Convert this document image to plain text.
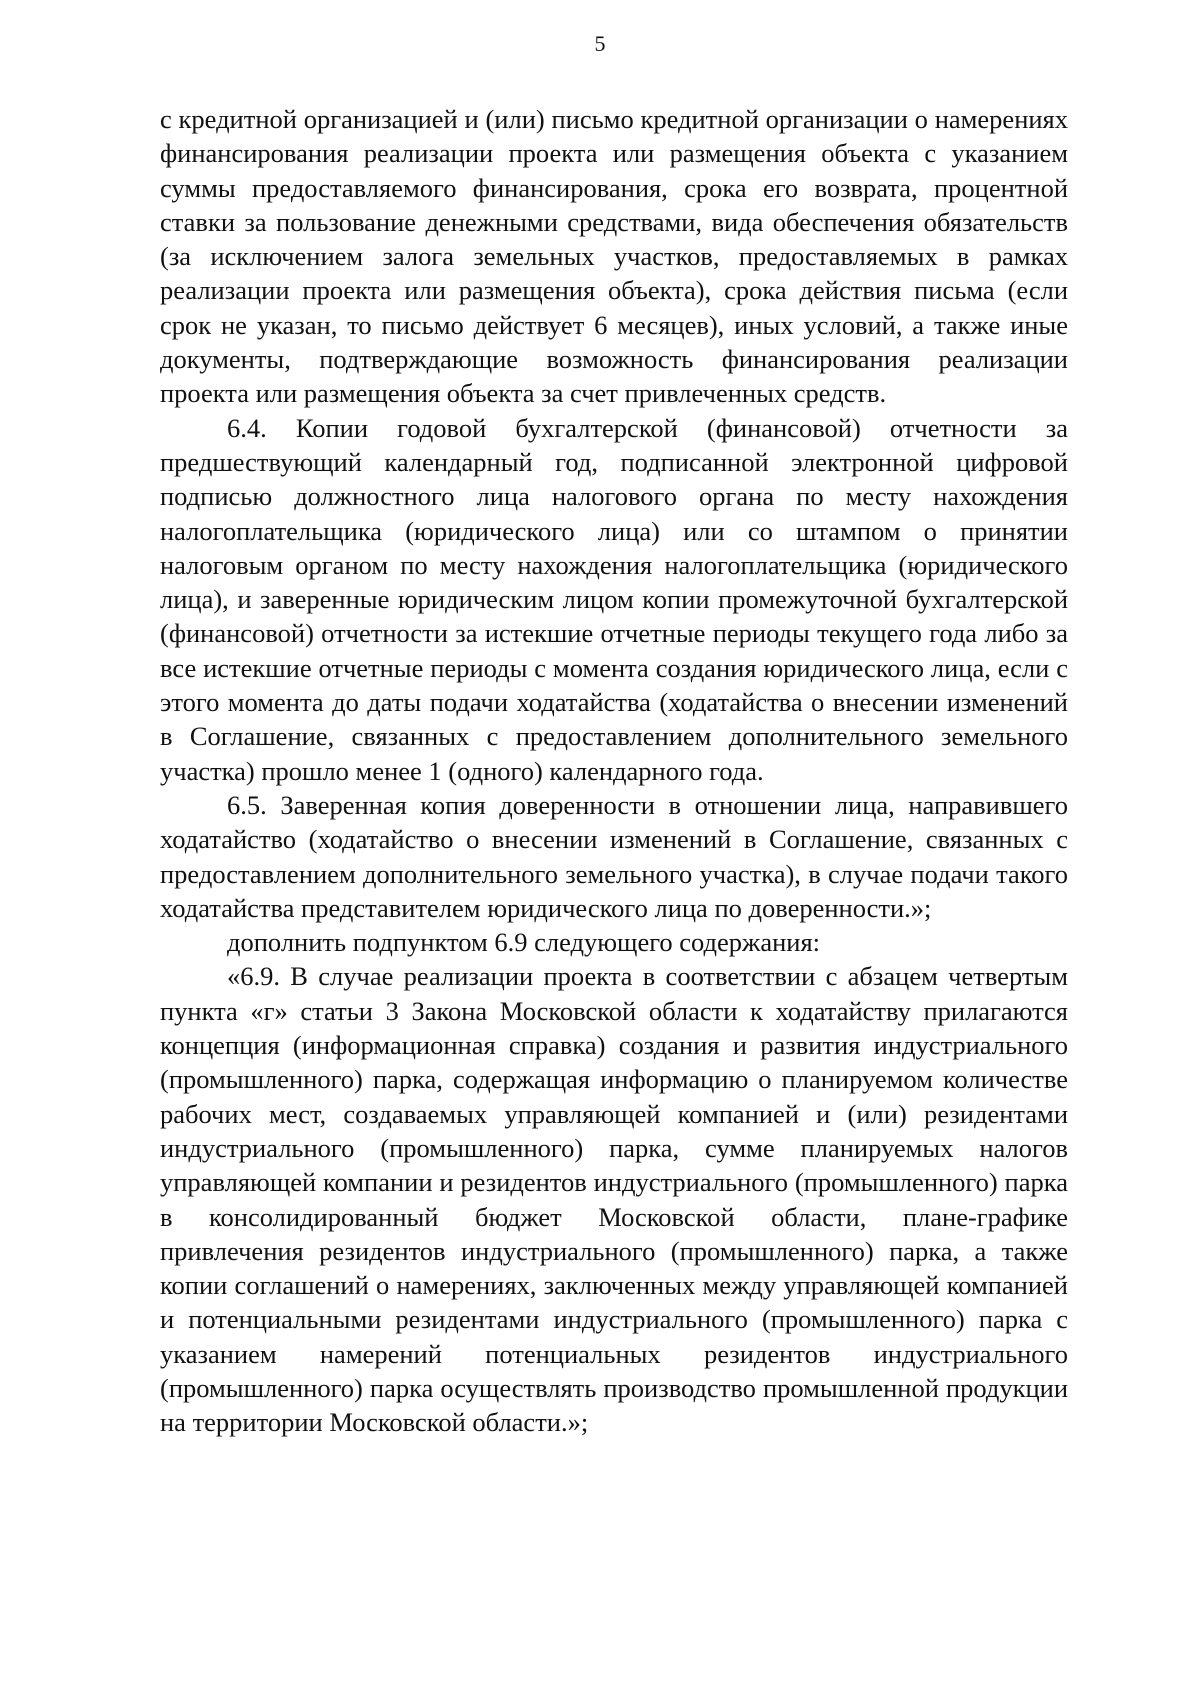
5

с кредитной организацией и (или) письмо кредитной организации о намерениях финансирования реализации проекта или размещения объекта с указанием суммы предоставляемого финансирования, срока его возврата, процентной ставки за пользование денежными средствами, вида обеспечения обязательств (за исключением залога земельных участков, предоставляемых в рамках реализации проекта или размещения объекта), срока действия письма (если срок не указан, то письмо действует 6 месяцев), иных условий, а также иные документы, подтверждающие возможность финансирования реализации проекта или размещения объекта за счет привлеченных средств.

6.4. Копии годовой бухгалтерской (финансовой) отчетности за предшествующий календарный год, подписанной электронной цифровой подписью должностного лица налогового органа по месту нахождения налогоплательщика (юридического лица) или со штампом о принятии налоговым органом по месту нахождения налогоплательщика (юридического лица), и заверенные юридическим лицом копии промежуточной бухгалтерской (финансовой) отчетности за истекшие отчетные периоды текущего года либо за все истекшие отчетные периоды с момента создания юридического лица, если с этого момента до даты подачи ходатайства (ходатайства о внесении изменений в Соглашение, связанных с предоставлением дополнительного земельного участка) прошло менее 1 (одного) календарного года.

6.5. Заверенная копия доверенности в отношении лица, направившего ходатайство (ходатайство о внесении изменений в Соглашение, связанных с предоставлением дополнительного земельного участка), в случае подачи такого ходатайства представителем юридического лица по доверенности.»;

дополнить подпунктом 6.9 следующего содержания:

«6.9. В случае реализации проекта в соответствии с абзацем четвертым пункта «г» статьи 3 Закона Московской области к ходатайству прилагаются концепция (информационная справка) создания и развития индустриального (промышленного) парка, содержащая информацию о планируемом количестве рабочих мест, создаваемых управляющей компанией и (или) резидентами индустриального (промышленного) парка, сумме планируемых налогов управляющей компании и резидентов индустриального (промышленного) парка в консолидированный бюджет Московской области, плане-графике привлечения резидентов индустриального (промышленного) парка, а также копии соглашений о намерениях, заключенных между управляющей компанией и потенциальными резидентами индустриального (промышленного) парка с указанием намерений потенциальных резидентов индустриального (промышленного) парка осуществлять производство промышленной продукции на территории Московской области.»;
